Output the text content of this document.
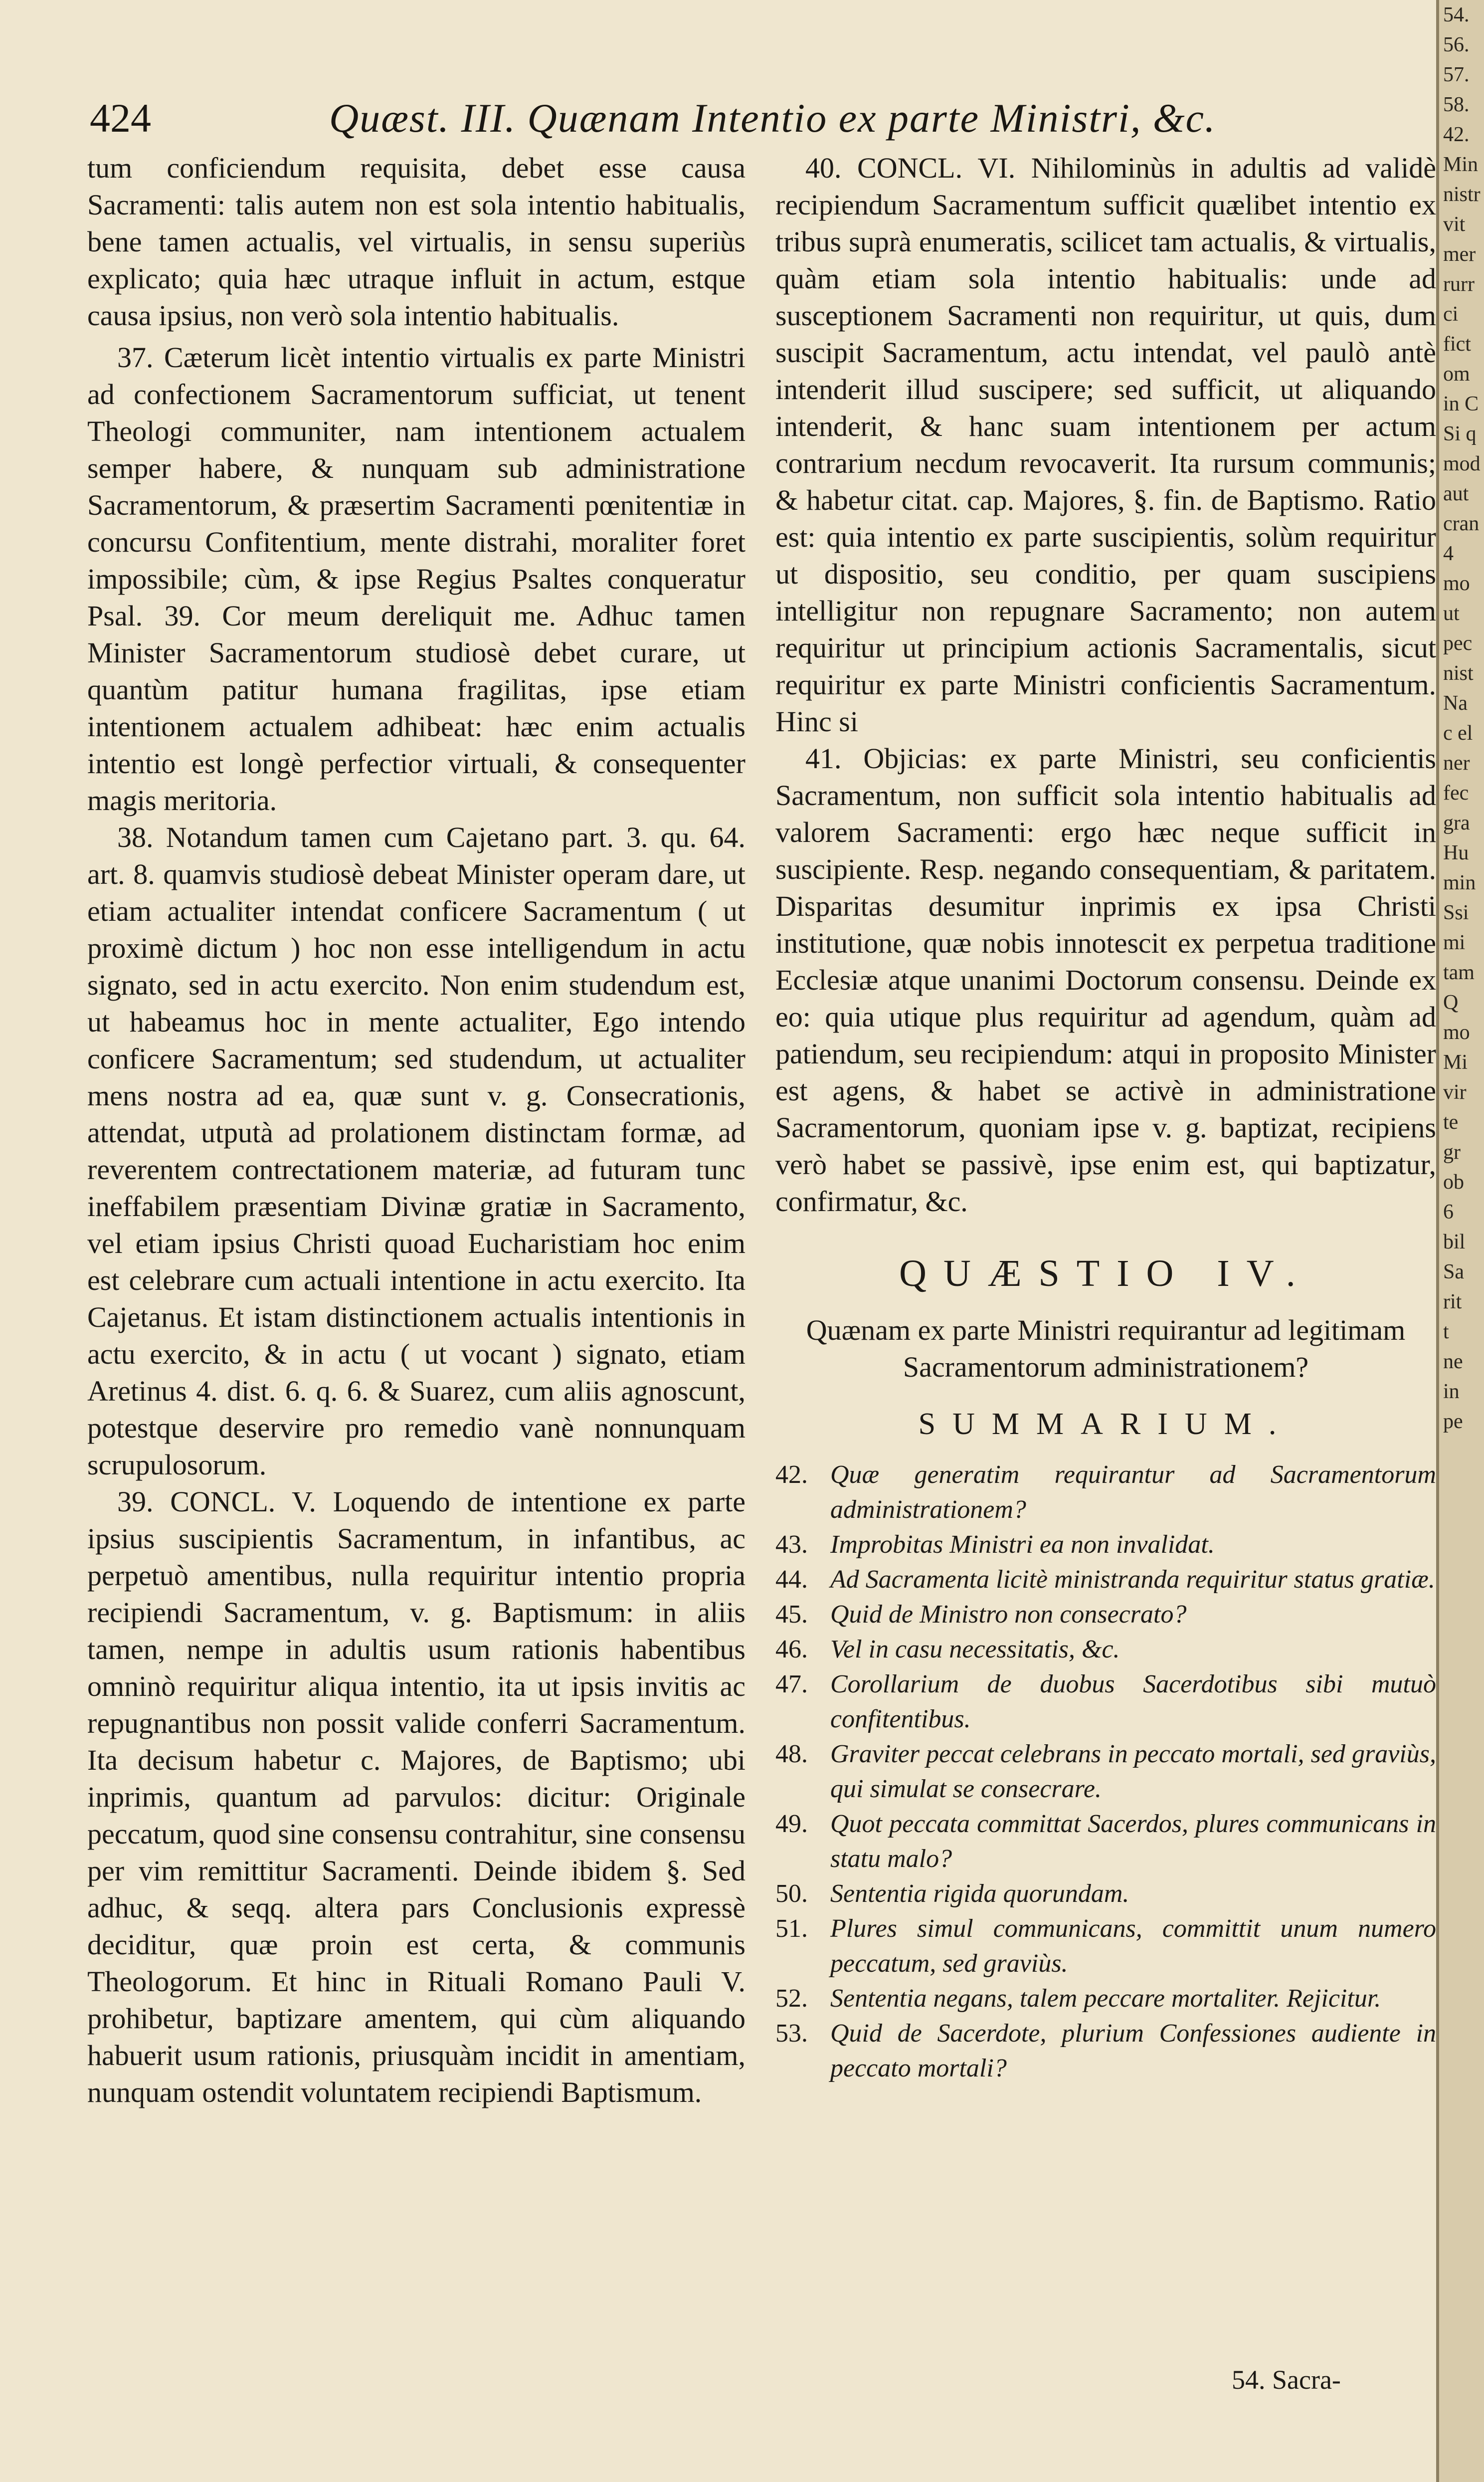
424	Quæst. III. Quænam Intentio ex parte Ministri, &c.

tum conficiendum requisita, debet esse causa Sacramenti: talis autem non est sola intentio habitualis, bene tamen actualis, vel virtualis, in sensu superiùs explicato; quia hæc utraque influit in actum, estque causa ipsius, non verò sola intentio habitualis.

37. Cæterum licèt intentio virtualis ex parte Ministri ad confectionem Sacramentorum sufficiat, ut tenent Theologi communiter, nam intentionem actualem semper habere, & nunquam sub administratione Sacramentorum, & præsertim Sacramenti pœnitentiæ in concursu Confitentium, mente distrahi, moraliter foret impossibile; cùm, & ipse Regius Psaltes conqueratur Psal. 39. Cor meum dereliquit me. Adhuc tamen Minister Sacramentorum studiosè debet curare, ut quantùm patitur humana fragilitas, ipse etiam intentionem actualem adhibeat: hæc enim actualis intentio est longè perfectior virtuali, & consequenter magis meritoria.

38. Notandum tamen cum Cajetano part. 3. qu. 64. art. 8. quamvis studiosè debeat Minister operam dare, ut etiam actualiter intendat conficere Sacramentum ( ut proximè dictum ) hoc non esse intelligendum in actu signato, sed in actu exercito. Non enim studendum est, ut habeamus hoc in mente actualiter, Ego intendo conficere Sacramentum; sed studendum, ut actualiter mens nostra ad ea, quæ sunt v. g. Consecrationis, attendat, utputà ad prolationem distinctam formæ, ad reverentem contrectationem materiæ, ad futuram tunc ineffabilem præsentiam Divinæ gratiæ in Sacramento, vel etiam ipsius Christi quoad Eucharistiam hoc enim est celebrare cum actuali intentione in actu exercito. Ita Cajetanus. Et istam distinctionem actualis intentionis in actu exercito, & in actu ( ut vocant ) signato, etiam Aretinus 4. dist. 6. q. 6. & Suarez, cum aliis agnoscunt, potestque deservire pro remedio vanè nonnunquam scrupulosorum.

39. CONCL. V. Loquendo de intentione ex parte ipsius suscipientis Sacramentum, in infantibus, ac perpetuò amentibus, nulla requiritur intentio propria recipiendi Sacramentum, v. g. Baptismum: in aliis tamen, nempe in adultis usum rationis habentibus omninò requiritur aliqua intentio, ita ut ipsis invitis ac repugnantibus non possit valide conferri Sacramentum. Ita decisum habetur c. Majores, de Baptismo; ubi inprimis, quantum ad parvulos: dicitur: Originale peccatum, quod sine consensu contrahitur, sine consensu per vim remittitur Sacramenti. Deinde ibidem §. Sed adhuc, & seqq. altera pars Conclusionis expressè deciditur, quæ proin est certa, & communis Theologorum. Et hinc in Rituali Romano Pauli V. prohibetur, baptizare amentem, qui cùm aliquando habuerit usum rationis, priusquàm incidit in amentiam, nunquam ostendit voluntatem recipiendi Baptismum.

40. CONCL. VI. Nihilominùs in adultis ad validè recipiendum Sacramentum sufficit quælibet intentio ex tribus suprà enumeratis, scilicet tam actualis, & virtualis, quàm etiam sola intentio habitualis: unde ad susceptionem Sacramenti non requiritur, ut quis, dum suscipit Sacramentum, actu intendat, vel paulò antè intenderit illud suscipere; sed sufficit, ut aliquando intenderit, & hanc suam intentionem per actum contrarium necdum revocaverit. Ita rursum communis; & habetur citat. cap. Majores, §. fin. de Baptismo. Ratio est: quia intentio ex parte suscipientis, solùm requiritur ut dispositio, seu conditio, per quam suscipiens intelligitur non repugnare Sacramento; non autem requiritur ut principium actionis Sacramentalis, sicut requiritur ex parte Ministri conficientis Sacramentum. Hinc si

41. Objicias: ex parte Ministri, seu conficientis Sacramentum, non sufficit sola intentio habitualis ad valorem Sacramenti: ergo hæc neque sufficit in suscipiente. Resp. negando consequentiam, & paritatem. Disparitas desumitur inprimis ex ipsa Christi institutione, quæ nobis innotescit ex perpetua traditione Ecclesiæ atque unanimi Doctorum consensu. Deinde ex eo: quia utique plus requiritur ad agendum, quàm ad patiendum, seu recipiendum: atqui in proposito Minister est agens, & habet se activè in administratione Sacramentorum, quoniam ipse v. g. baptizat, recipiens verò habet se passivè, ipse enim est, qui baptizatur, confirmatur, &c.

QUÆSTIO IV.

Quænam ex parte Ministri requirantur ad legitimam Sacramentorum administrationem?

SUMMARIUM.

42. Quæ generatim requirantur ad Sacramentorum administrationem?
43. Improbitas Ministri ea non invalidat.
44. Ad Sacramenta licitè ministranda requiritur status gratiæ.
45. Quid de Ministro non consecrato?
46. Vel in casu necessitatis, &c.
47. Corollarium de duobus Sacerdotibus sibi mutuò confitentibus.
48. Graviter peccat celebrans in peccato mortali, sed graviùs, qui simulat se consecrare.
49. Quot peccata committat Sacerdos, plures communicans in statu malo?
50. Sententia rigida quorundam.
51. Plures simul communicans, committit unum numero peccatum, sed graviùs.
52. Sententia negans, talem peccare mortaliter. Rejicitur.
53. Quid de Sacerdote, plurium Confessiones audiente in peccato mortali?
54. Sacra-
54.
56.
57.
58.
42.
Min
nistr
vit
mer
rurr
ci
fict
om
in C
Si q
mod
aut
cran
4
mo
ut
pec
nist
Na
c el
ner
fec
gra
Hu
min
Ssi
mi
tam
Q
mo
Mi
vir
te
gr
ob
6
bil
Sa
rit
t
ne
in
pe
